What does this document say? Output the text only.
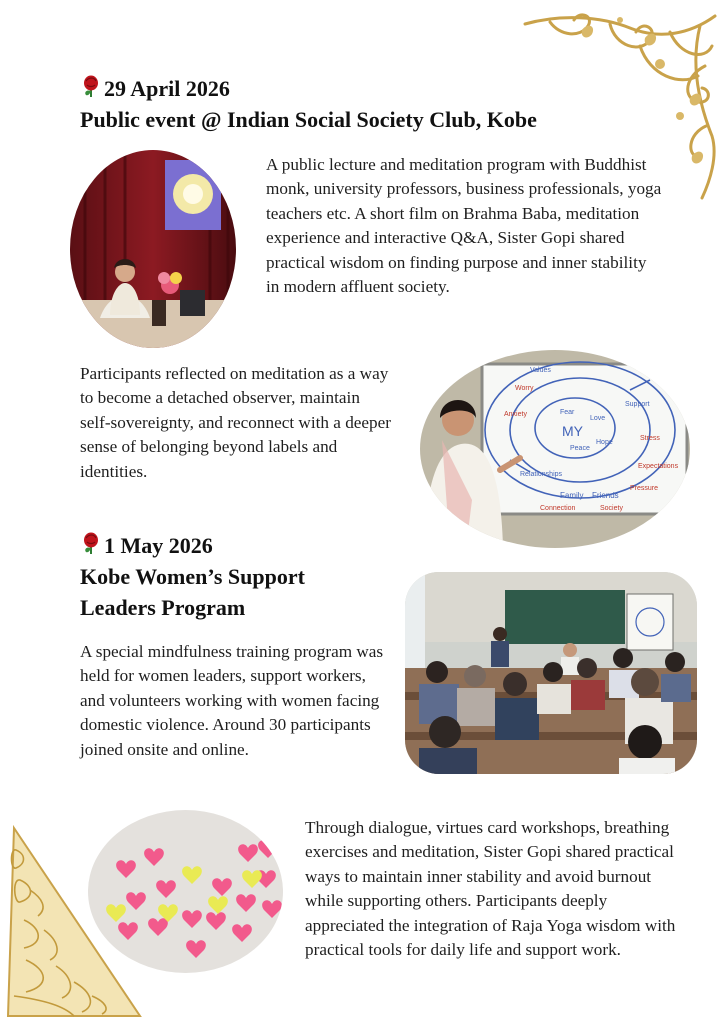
29 April 2026

Public event @ Indian Social Society Club, Kobe

A public lecture and meditation program with Buddhist monk, university professors, business professionals, yoga teachers etc. A short film on Brahma Baba, meditation experience and interactive Q&A, Sister Gopi shared practical wisdom on finding purpose and inner stability in modern affluent society.

Participants reflected on meditation as a way to become a detached observer, maintain self-sovereignty, and reconnect with a deeper sense of belonging beyond labels and identities.

MY
Family Friends
Connection	Society
Expectations
Stress
Support
Worry
Anxiety
Pressure
Fear
Love
Peace
Hope
Values
Relationships

1 May 2026

Kobe Women’s Support

Leaders Program

A special mindfulness training program was held for women leaders, support workers, and volunteers working with women facing domestic violence. Around 30 participants joined onsite and online.

Through dialogue, virtues card workshops, breathing exercises and meditation, Sister Gopi shared practical ways to maintain inner stability and avoid burnout while supporting others. Participants deeply appreciated the integration of Raja Yoga wisdom with practical tools for daily life and support work.
